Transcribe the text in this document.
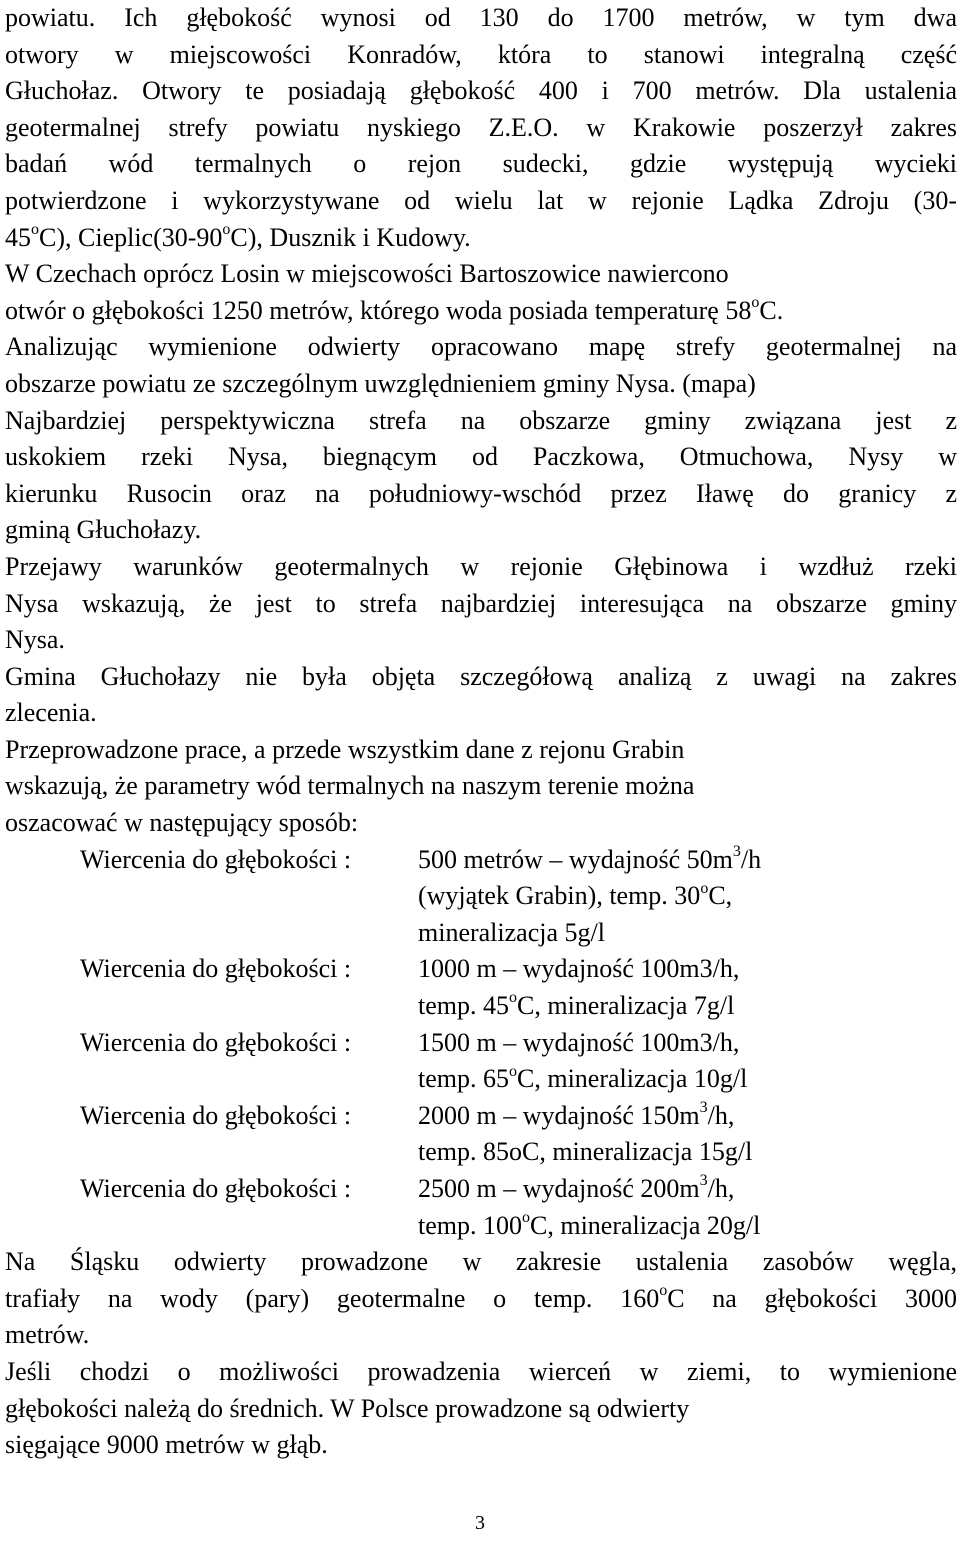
powiatu. Ich głębokość wynosi od 130 do 1700 metrów, w tym dwa
otwory w miejscowości Konradów, która to stanowi integralną część
Głuchołaz. Otwory te posiadają głębokość 400 i 700 metrów. Dla ustalenia
geotermalnej strefy powiatu nyskiego Z.E.O. w Krakowie poszerzył zakres
badań wód termalnych o rejon sudecki, gdzie występują wycieki
potwierdzone i wykorzystywane od wielu lat w rejonie Lądka Zdroju (30-
45$^o$C), Cieplic(30-90$^o$C), Dusznik i Kudowy.
W Czechach oprócz Losin w miejscowości Bartoszowice nawiercono
otwór o głębokości 1250 metrów, którego woda posiada temperaturę 58$^o$C.
Analizując wymienione odwierty opracowano mapę strefy geotermalnej na
obszarze powiatu ze szczególnym uwzględnieniem gminy Nysa. (mapa)
Najbardziej perspektywiczna strefa na obszarze gminy związana jest z
uskokiem rzeki Nysa, biegnącym od Paczkowa, Otmuchowa, Nysy w
kierunku Rusocin oraz na południowy-wschód przez Iławę do granicy z
gminą Głuchołazy.
Przejawy warunków geotermalnych w rejonie Głębinowa i wzdłuż rzeki
Nysa wskazują, że jest to strefa najbardziej interesująca na obszarze gminy
Nysa.
Gmina Głuchołazy nie była objęta szczegółową analizą z uwagi na zakres
zlecenia.
Przeprowadzone prace, a przede wszystkim dane z rejonu Grabin
wskazują, że parametry wód termalnych na naszym terenie można
oszacować w następujący sposób:
Wiercenia do głębokości :	500 metrów – wydajność $50m^3/h$
(wyjątek Grabin), temp. 30$^o$C,
mineralizacja 5g/l
Wiercenia do głębokości :	1000 m – wydajność 100m3/h,
temp. 45$^o$C, mineralizacja 7g/l
Wiercenia do głębokości :	1500 m – wydajność 100m3/h,
temp. 65$^o$C, mineralizacja 10g/l
Wiercenia do głębokości :	2000 m – wydajność $150m^3/h$,
temp. 85oC, mineralizacja 15g/l
Wiercenia do głębokości :	2500 m – wydajność $200m^3/h$,
temp. 100$^o$C, mineralizacja 20g/l
Na Śląsku odwierty prowadzone w zakresie ustalenia zasobów węgla,
trafiały na wody (pary) geotermalne o temp. 160$^o$C na głębokości 3000
metrów.
Jeśli chodzi o możliwości prowadzenia wierceń w ziemi, to wymienione
głębokości należą do średnich. W Polsce prowadzone są odwierty
sięgające 9000 metrów w głąb.
3
